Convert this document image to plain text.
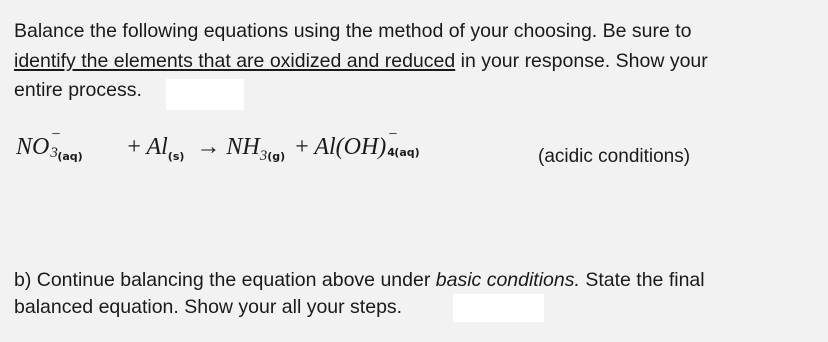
Balance the following equations using the method of your choosing. Be sure to
identify the elements that are oxidized and reduced in your response. Show your
entire process.
NO −
3 $(aq) + Al_{(s)} \to NH_{3(g)} + Al(OH)$ −
4 (aq)	(acidic conditions)
b) Continue balancing the equation above under basic conditions. State the final
balanced equation. Show your all your steps.
